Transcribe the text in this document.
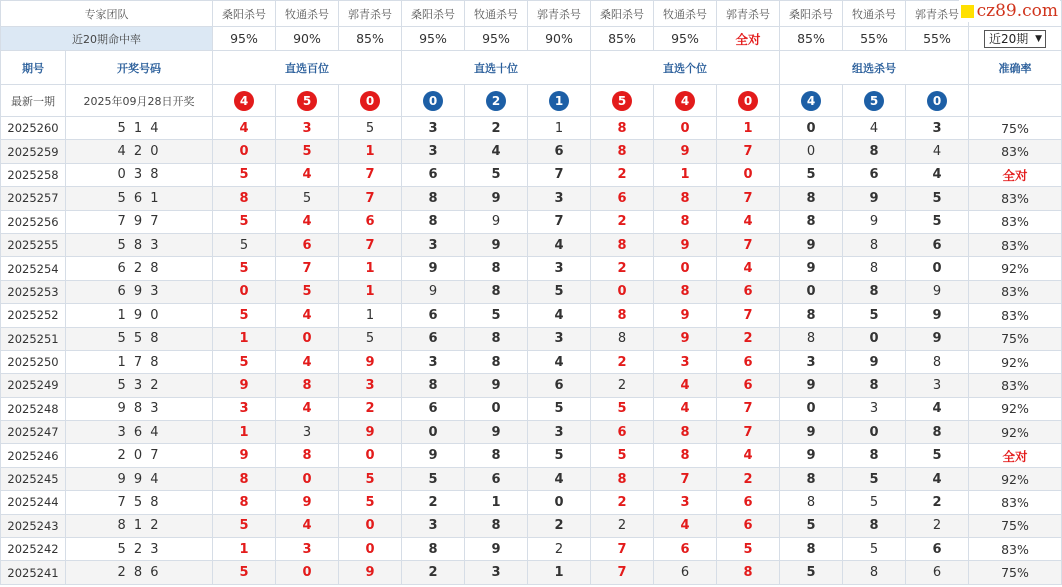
专家团队		桑阳杀号	牧通杀号	郭青杀号	桑阳杀号	牧通杀号	郭青杀号	桑阳杀号	牧通杀号	郭青杀号	桑阳杀号	牧通杀号	郭青杀号	
近20期命中率		95%	90%	85%	95%	95%	90%	85%	95%	全对	85%	55%	55%	近20期 ▼

期号	开奖号码	直选百位			直选十位			直选个位			组选杀号			准确率
最新一期	2025年09月28日开奖	4	5	0	0	2	1	5	4	0	4	5	0	
2025260	5 1 4	4	3	5	3	2	1	8	0	1	0	4	3	75%
2025259	4 2 0	0	5	1	3	4	6	8	9	7	0	8	4	83%
2025258	0 3 8	5	4	7	6	5	7	2	1	0	5	6	4	全对
2025257	5 6 1	8	5	7	8	9	3	6	8	7	8	9	5	83%
2025256	7 9 7	5	4	6	8	9	7	2	8	4	8	9	5	83%
2025255	5 8 3	5	6	7	3	9	4	8	9	7	9	8	6	83%
2025254	6 2 8	5	7	1	9	8	3	2	0	4	9	8	0	92%
2025253	6 9 3	0	5	1	9	8	5	0	8	6	0	8	9	83%
2025252	1 9 0	5	4	1	6	5	4	8	9	7	8	5	9	83%
2025251	5 5 8	1	0	5	6	8	3	8	9	2	8	0	9	75%
2025250	1 7 8	5	4	9	3	8	4	2	3	6	3	9	8	92%
2025249	5 3 2	9	8	3	8	9	6	2	4	6	9	8	3	83%
2025248	9 8 3	3	4	2	6	0	5	5	4	7	0	3	4	92%
2025247	3 6 4	1	3	9	0	9	3	6	8	7	9	0	8	92%
2025246	2 0 7	9	8	0	9	8	5	5	8	4	9	8	5	全对
2025245	9 9 4	8	0	5	5	6	4	8	7	2	8	5	4	92%
2025244	7 5 8	8	9	5	2	1	0	2	3	6	8	5	2	83%
2025243	8 1 2	5	4	0	3	8	2	2	4	6	5	8	2	75%
2025242	5 2 3	1	3	0	8	9	2	7	6	5	8	5	6	83%
2025241	2 8 6	5	0	9	2	3	1	7	6	8	5	8	6	75%
cz89.com
